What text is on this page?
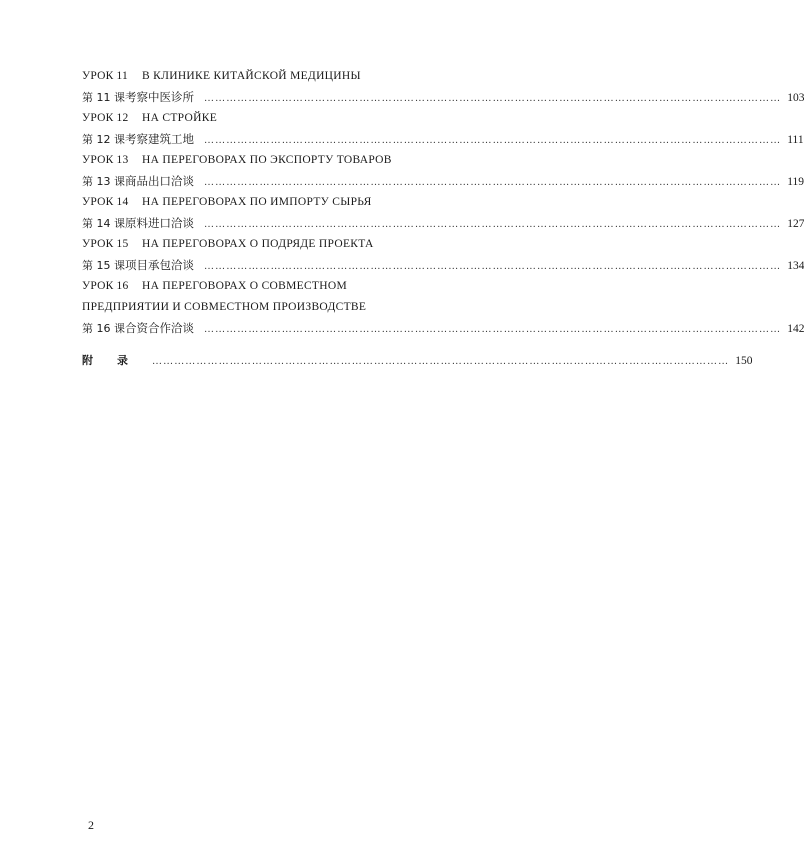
УРОК 11	В КЛИНИКЕ КИТАЙСКОЙ МЕДИЦИНЫ
第 11 课 考察中医诊所	………………………………………………………………………………………………………………………………………… 103
УРОК 12	НА СТРОЙКЕ
第 12 课 考察建筑工地	………………………………………………………………………………………………………………………………………… 111
УРОК 13	НА ПЕРЕГОВОРАХ ПО ЭКСПОРТУ ТОВАРОВ
第 13 课 商品出口洽谈	………………………………………………………………………………………………………………………………………… 119
УРОК 14	НА ПЕРЕГОВОРАХ ПО ИМПОРТУ СЫРЬЯ
第 14 课 原料进口洽谈	………………………………………………………………………………………………………………………………………… 127
УРОК 15	НА ПЕРЕГОВОРАХ О ПОДРЯДЕ ПРОЕКТА
第 15 课 项目承包洽谈	………………………………………………………………………………………………………………………………………… 134
УРОК 16	НА ПЕРЕГОВОРАХ О СОВМЕСТНОМ
ПРЕДПРИЯТИИ И СОВМЕСТНОМ ПРОИЗВОДСТВЕ
第 16 课 合资合作洽谈	………………………………………………………………………………………………………………………………………… 142
附录 ………………………………………………………………………………………………………………………………………… 150
2
